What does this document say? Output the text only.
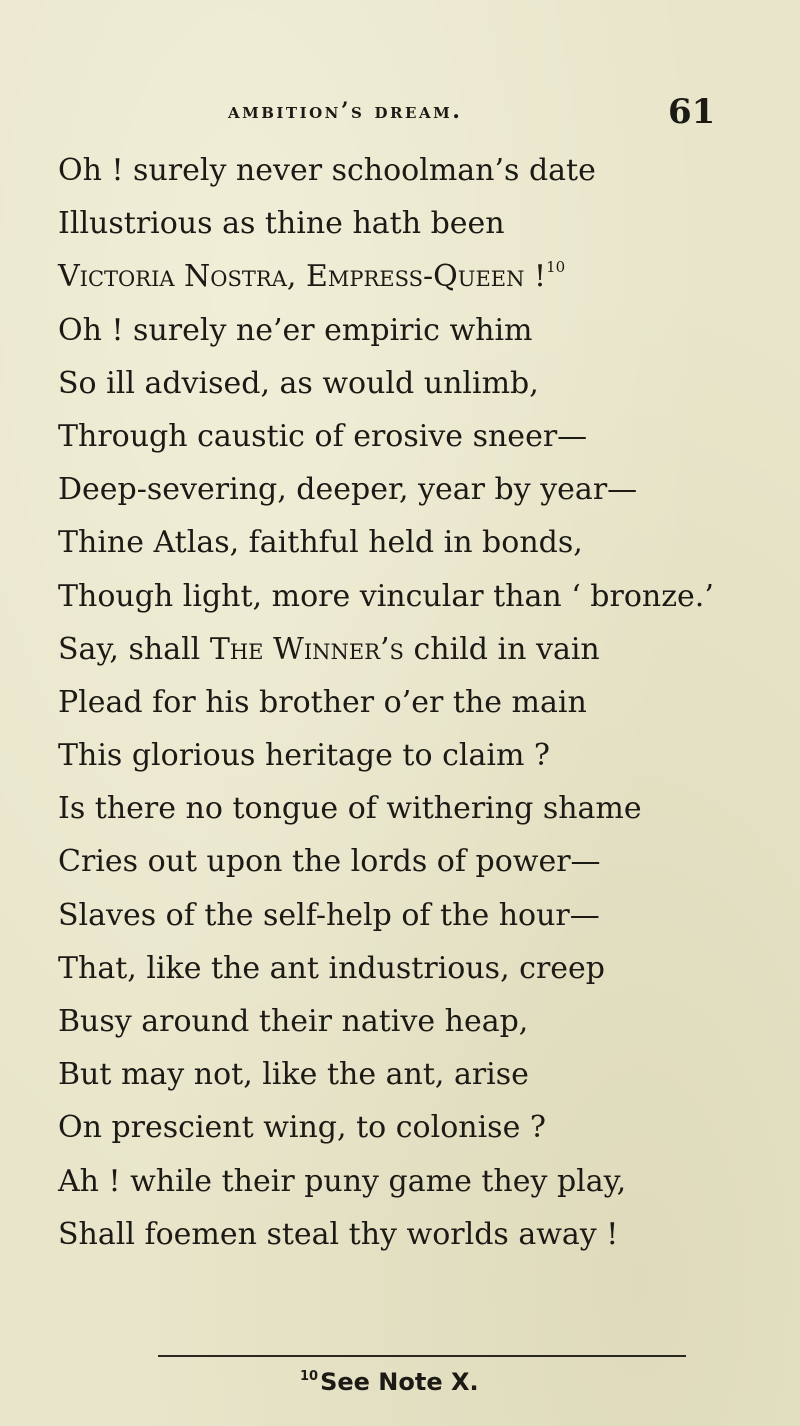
ambition’s dream.	61
Oh ! surely never schoolman’s date
Illustrious as thine hath been
Victoria Nostra, Empress-Queen !$^{10}$
Oh ! surely ne’er empiric whim
So ill advised, as would unlimb,
Through caustic of erosive sneer—
Deep-severing, deeper, year by year—
Thine Atlas, faithful held in bonds,
Though light, more vincular than ‘ bronze.’
Say, shall The Winner’s child in vain
Plead for his brother o’er the main
This glorious heritage to claim ?
Is there no tongue of withering shame
Cries out upon the lords of power—
Slaves of the self-help of the hour—
That, like the ant industrious, creep
Busy around their native heap,
But may not, like the ant, arise
On prescient wing, to colonise ?
Ah ! while their puny game they play,
Shall foemen steal thy worlds away !
$^{10}$See Note X.
